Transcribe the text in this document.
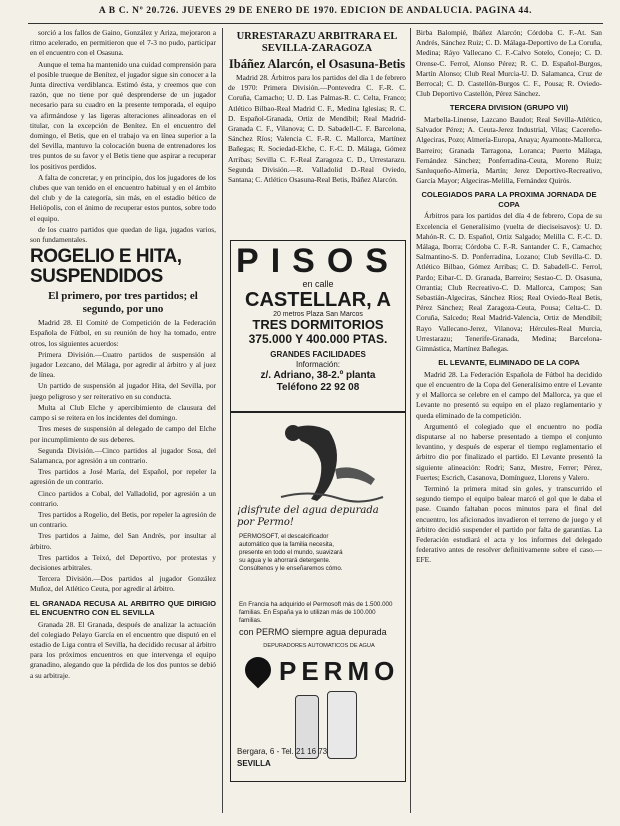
A B C. Nº 20.726. JUEVES 29 DE ENERO DE 1970. EDICION DE ANDALUCIA. PAGINA 44.

sorció a los fallos de Gaino, González y Ariza, mejoraron a ritmo acelerado, en permitieron que el 7-3 no pudo, participar en el encuentro con el Osasuna.

Aunque el tema ha mantenido una cuidad comprensión para el posible trueque de Benítez, el jugador sigue sin conocer a la Junta directiva verdiblanca. Estimó ésta, y creemos que con razón, que no tiene por qué desprenderse de un jugador necesario para su cuadro en la presente temporada, el equipo va afirmándose y las ligeras alteraciones alineadoras en el titular, con la excepción de Benítez. En el encuentro del domingo, el Betis, que en el trabajo va en línea superior a la del Sevilla, mantuvo la colocación buena de entrenadores los tres puntos de su favor y el Betis tiene que aspirar a recuperar los positivos perdidos.

A falta de concretar, y en principio, dos los jugadores de los clubes que van tenido en el encuentro habitual y en el ámbito del club y de la categoría, sin más, en el estadio bético de Heliópolis, con el ánimo de recuperar estos puntos, sobre todo el equipo.

de los cuatro partidos que quedan de liga, jugados varios, son fundamentales.

ROGELIO E HITA, SUSPENDIDOS
El primero, por tres partidos; el segundo, por uno

Madrid 28. El Comité de Competición de la Federación Española de Fútbol, en su reunión de hoy ha tomado, entre otros, los siguientes acuerdos:

Primera División.—Cuatro partidos de suspensión al jugador Lezcano, del Málaga, por agredir al árbitro y al juez de línea.

Un partido de suspensión al jugador Hita, del Sevilla, por juego peligroso y ser reiterativo en su conducta.

Multa al Club Elche y apercibimiento de clausura del campo si se reitera en los incidentes del domingo.

Tres meses de suspensión al delegado de campo del Elche por incumplimiento de sus deberes.

Segunda División.—Cinco partidos al jugador Sosa, del Salamanca, por agresión a un contrario.

Tres partidos a José María, del Español, por repeler la agresión de un contrario.

Cinco partidos a Cobal, del Valladolid, por agresión a un contrario.

Tres partidos a Rogelio, del Betis, por repeler la agresión de un contrario.

Tres partidos a Jaime, del San Andrés, por insultar al árbitro.

Tres partidos a Teixó, del Deportivo, por protestas y decisiones arbitrales.

Tercera División.—Dos partidos al jugador González Muñoz, del Atlético Ceuta, por agredir al árbitro.

EL GRANADA RECUSA AL ARBITRO QUE DIRIGIO EL ENCUENTRO CON EL SEVILLA

Granada 28. El Granada, después de analizar la actuación del colegiado Pelayo García en el encuentro que disputó en el estadio de Liga contra el Sevilla, ha decidido recusar al árbitro para los próximos encuentros en que intervenga el equipo granadino, alegando que la pérdida de los dos puntos se debió a su arbitraje.

URRESTARAZU ARBITRARA EL SEVILLA-ZARAGOZA
Ibáñez Alarcón, el Osasuna-Betis

Madrid 28. Árbitros para los partidos del día 1 de febrero de 1970: Primera División.—Pontevedra C. F.-R. C. Coruña, Camacho; U. D. Las Palmas-R. C. Celta, Franco; Atlético Bilbao-Real Madrid C. F., Medina Iglesias; R. C. D. Español-Granada, Ortiz de Mendíbil; Real Madrid-Granada C. F., Vilanova; C. D. Sabadell-C. F. Barcelona, Sánchez Ríos; Valencia C. F.-R. C. Mallorca, Martínez Bañegas; R. Sociedad-Elche, C. F.-C. D. Málaga, Gómez Arribas; Sevilla C. F.-Real Zaragoza C. D., Urrestarazu. Segunda División.—R. Valladolid D.-Real Oviedo, Santana; C. Atlético Osasuna-Real Betis, Ibáñez Alarcón.

PISOS
en calle
CASTELLAR, A
20 metros Plaza San Marcos
TRES DORMITORIOS
375.000 Y 400.000 PTAS.
GRANDES FACILIDADES
Información:
z/. Adriano, 38-2.º planta
Teléfono 22 92 08
¡disfrute del agua depurada por Permo!
PERMOSOFT, el descalcificador automático que la familia necesita, presente en todo el mundo, suavizará su agua y le ahorrará detergente. Consúltenos y le enseñaremos cómo.
En Francia ha adquirido el Permosoft más de 1.500.000 familias. En España ya lo utilizan más de 100.000 familias.
con PERMO siempre agua depurada
DEPURADORES AUTOMATICOS DE AGUA
PERMO
Bergara, 6 - Tel. 21 16 73
SEVILLA

Birba Balompié, Ibáñez Alarcón; Córdoba C. F.-At. San Andrés, Sánchez Ruiz; C. D. Málaga-Deportivo de La Coruña, Medina; Ráyo Vallecano C. F.-Calvo Sotelo, Conejo; C. D. Orense-C. Ferrol, Alonso Pérez; R. C. D. Español-Burgos, Martín Alonso; Club Real Murcia-U. D. Salamanca, Cruz de Berrocal; C. D. Castellón-Burgos C. F., Pousa; R. Oviedo-Club Deportivo Castellón, Pérez Sánchez.

TERCERA DIVISION (GRUPO VII)

Marbella-Linense, Lazcano Baudot; Real Sevilla-Atlético, Salvador Pérez; A. Ceuta-Jerez Industrial, Vilas; Cacereño-Algeciras, Pozo; Almería-Europa, Anaya; Ayamonte-Mallorca, Barreiro; Granada Tarragona, Loranca; Puerto Málaga, Fernández Sánchez; Ponferradina-Ceuta, Moreno Ruiz; Sanluqueño-Almería, Martín; Jerez Deportivo-Recreativo, García Mayor; Algeciras-Melilla, Fernández Quirós.

COLEGIADOS PARA LA PROXIMA JORNADA DE COPA

Árbitros para los partidos del día 4 de febrero, Copa de su Excelencia el Generalísimo (vuelta de dieciseisavos): U. D. Mahón-R. C. D. Español, Ortiz Salgado; Melilla C. F.-C. D. Málaga, Iborra; Córdoba C. F.-R. Santander C. F., Camacho; Salmantino-S. D. Ponferradina, Lozano; Club Sevilla-C. D. Atlético Bilbao, Gómez Arribas; C. D. Sabadell-C. Ferrol, Pardo; Eibar-C. D. Granada, Barreiro; Sestao-C. D. Osasuna, Orrantia; Club Recreativo-C. D. Mallorca, Campos; San Sebastián-Algeciras, Sánchez Ríos; Real Oviedo-Real Betis, Pérez Sánchez; Real Zaragoza-Ceuta, Pousa; Celta-C. D. Coruña, Salcedo; Real Madrid-Valencia, Ortiz de Mendíbil; Rayo Vallecano-Jerez, Vilanova; Hércules-Real Murcia, Urrestarazu; Tenerife-Granada, Medina; Barcelona-Gimnástica, Martínez Bañegas.

EL LEVANTE, ELIMINADO DE LA COPA

Madrid 28. La Federación Española de Fútbol ha decidido que el encuentro de la Copa del Generalísimo entre el Levante y el Mallorca se celebre en el campo del Mallorca, ya que el Levante no presentó su equipo en el plazo reglamentario y queda eliminado de la competición.

Argumentó el colegiado que el encuentro no podía disputarse al no haberse presentado a tiempo el conjunto levantino, y después de esperar el tiempo reglamentario el árbitro dio por finalizado el partido. El Levante presentó la siguiente alineación: Rodri; Sanz, Mestre, Ferrer; Pérez, Fuertes; Escrich, Casanova, Domínguez, Llorens y Valero.

Terminó la primera mitad sin goles, y transcurrido el segundo tiempo el equipo balear marcó el gol que le daba el pase. Cuando faltaban pocos minutos para el final del encuentro, los aficionados invadieron el terreno de juego y el árbitro decidió suspender el partido por falta de garantías. La Federación estudiará el acta y los informes del delegado federativo antes de resolver definitivamente sobre el caso.—EFE.
